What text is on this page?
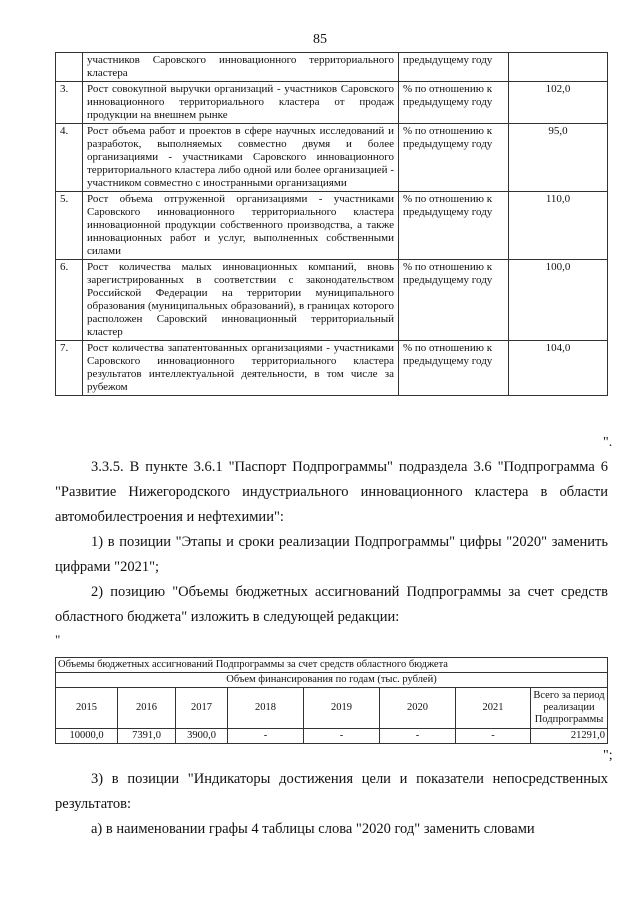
85
	участников Саровского инновационного территориального кластера	предыдущему году	
3.	Рост совокупной выручки организаций - участников Саровского инновационного территориального кластера от продаж продукции на внешнем рынке	% по отношению к предыдущему году	102,0
4.	Рост объема работ и проектов в сфере научных исследований и разработок, выполняемых совместно двумя и более организациями - участниками Саровского инновационного территориального кластера либо одной или более организацией - участником совместно с иностранными организациями	% по отношению к предыдущему году	95,0
5.	Рост объема отгруженной организациями - участниками Саровского инновационного территориального кластера инновационной продукции собственного производства, а также инновационных работ и услуг, выполненных собственными силами	% по отношению к предыдущему году	110,0
6.	Рост количества малых инновационных компаний, вновь зарегистрированных в соответствии с законодательством Российской Федерации на территории муниципального образования (муниципальных образований), в границах которого расположен Саровский инновационный территориальный кластер	% по отношению к предыдущему году	100,0
7.	Рост количества запатентованных организациями - участниками Саровского инновационного территориального кластера результатов интеллектуальной деятельности, в том числе за рубежом	% по отношению к предыдущему году	104,0
".
3.3.5. В пункте 3.6.1 "Паспорт Подпрограммы" подраздела 3.6 "Подпрограмма 6 "Развитие Нижегородского индустриального инновационного кластера в области автомобилестроения и нефтехимии":
1) в позиции "Этапы и сроки реализации Подпрограммы" цифры "2020" заменить цифрами "2021";
2) позицию "Объемы бюджетных ассигнований Подпрограммы за счет средств областного бюджета" изложить в следующей редакции:
"
Объемы бюджетных ассигнований Подпрограммы за счет средств областного бюджета							
Объем финансирования по годам (тыс. рублей)							
2015	2016	2017	2018	2019	2020	2021	Всего за период реализации Подпрограммы
10000,0	7391,0	3900,0	-	-	-	-	21291,0
";
3) в позиции "Индикаторы достижения цели и показатели непосредственных результатов:
а) в наименовании графы 4 таблицы слова "2020 год" заменить словами
